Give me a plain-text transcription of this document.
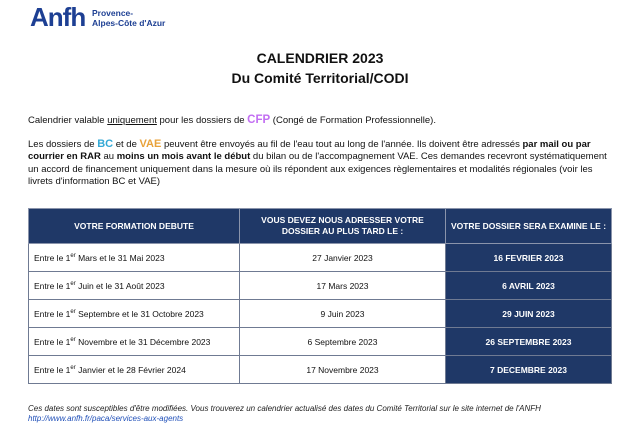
Anfh Provence-
Alpes-Côte d'Azur
CALENDRIER 2023
Du Comité Territorial/CODI
Calendrier valable uniquement pour les dossiers de CFP (Congé de Formation Professionnelle).
Les dossiers de BC et de VAE peuvent être envoyés au fil de l'eau tout au long de l'année. Ils doivent être adressés par mail ou par courrier en RAR au moins un mois avant le début du bilan ou de l'accompagnement VAE. Ces demandes recevront systématiquement un accord de financement uniquement dans la mesure où ils répondent aux exigences règlementaires et modalités régionales (voir les livrets d'information BC et VAE)
VOTRE FORMATION DEBUTE	VOUS DEVEZ NOUS ADRESSER VOTRE DOSSIER AU PLUS TARD LE :	VOTRE DOSSIER SERA EXAMINE LE :
Entre le 1er Mars et le 31 Mai 2023	27 Janvier 2023	16 FEVRIER 2023
Entre le 1er Juin et le 31 Août 2023	17 Mars 2023	6 AVRIL 2023
Entre le 1er Septembre et le 31 Octobre 2023	9 Juin 2023	29 JUIN 2023
Entre le 1er Novembre et le 31 Décembre 2023	6 Septembre 2023	26 SEPTEMBRE 2023
Entre le 1er Janvier et le 28 Février 2024	17 Novembre 2023	7 DECEMBRE 2023
Ces dates sont susceptibles d'être modifiées. Vous trouverez un calendrier actualisé des dates du Comité Territorial sur le site internet de l'ANFH http://www.anfh.fr/paca/services-aux-agents
